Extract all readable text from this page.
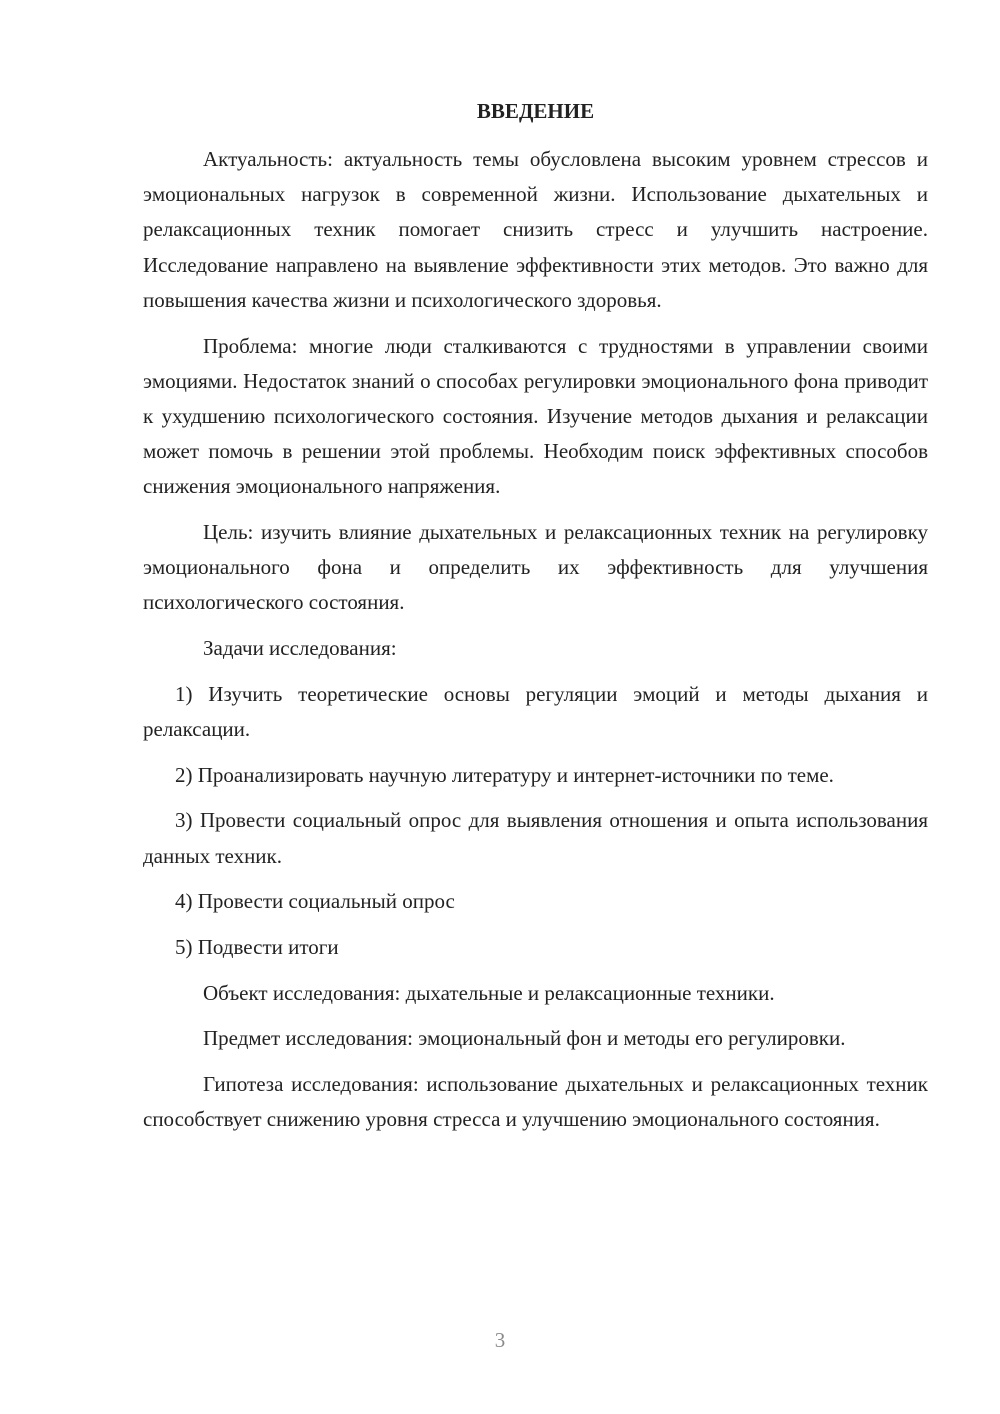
ВВЕДЕНИЕ

Актуальность: актуальность темы обусловлена высоким уровнем стрессов и эмоциональных нагрузок в современной жизни. Использование дыхательных и релаксационных техник помогает снизить стресс и улучшить настроение. Исследование направлено на выявление эффективности этих методов. Это важно для повышения качества жизни и психологического здоровья.

Проблема: многие люди сталкиваются с трудностями в управлении своими эмоциями. Недостаток знаний о способах регулировки эмоционального фона приводит к ухудшению психологического состояния. Изучение методов дыхания и релаксации может помочь в решении этой проблемы. Необходим поиск эффективных способов снижения эмоционального напряжения.

Цель: изучить влияние дыхательных и релаксационных техник на регулировку эмоционального фона и определить их эффективность для улучшения психологического состояния.

Задачи исследования:

1) Изучить теоретические основы регуляции эмоций и методы дыхания и релаксации.

2) Проанализировать научную литературу и интернет-источники по теме.

3) Провести социальный опрос для выявления отношения и опыта использования данных техник.

4) Провести социальный опрос

5) Подвести итоги

Объект исследования: дыхательные и релаксационные техники.

Предмет исследования: эмоциональный фон и методы его регулировки.

Гипотеза исследования: использование дыхательных и релаксационных техник способствует снижению уровня стресса и улучшению эмоционального состояния.

3
